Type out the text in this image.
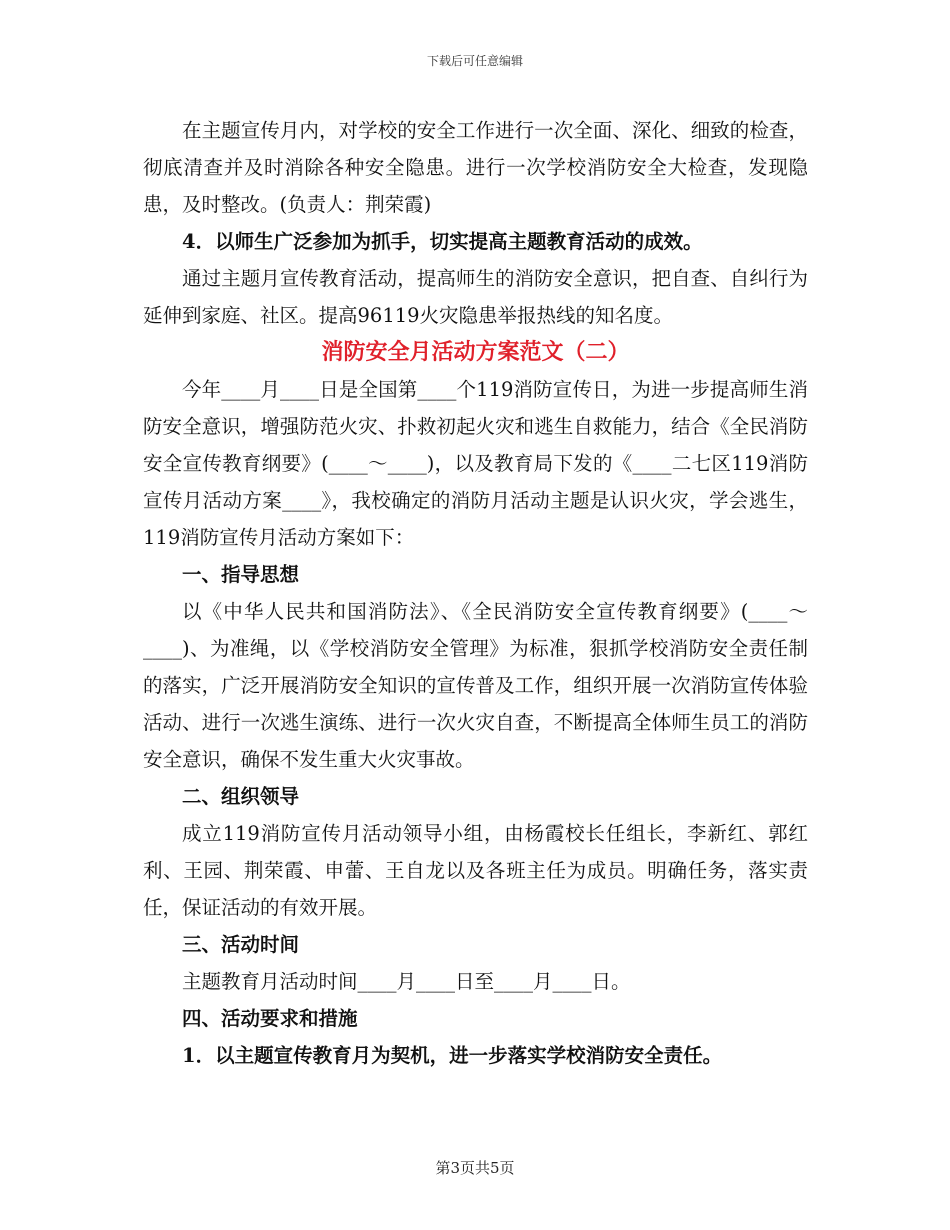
下载后可任意编辑

在主题宣传月内，对学校的安全工作进行一次全面、深化、细致的检查，彻底清查并及时消除各种安全隐患。进行一次学校消防安全大检查，发现隐患，及时整改。(负责人：荆荣霞)

4．以师生广泛参加为抓手，切实提高主题教育活动的成效。

通过主题月宣传教育活动，提高师生的消防安全意识，把自查、自纠行为延伸到家庭、社区。提高96119火灾隐患举报热线的知名度。

消防安全月活动方案范文（二）

今年____月____日是全国第____个119消防宣传日，为进一步提高师生消防安全意识，增强防范火灾、扑救初起火灾和逃生自救能力，结合《全民消防安全宣传教育纲要》(____～____)，以及教育局下发的《____二七区119消防宣传月活动方案____》，我校确定的消防月活动主题是认识火灾，学会逃生，119消防宣传月活动方案如下：

一、指导思想

以《中华人民共和国消防法》、《全民消防安全宣传教育纲要》(____～____)、为准绳，以《学校消防安全管理》为标准，狠抓学校消防安全责任制的落实，广泛开展消防安全知识的宣传普及工作，组织开展一次消防宣传体验活动、进行一次逃生演练、进行一次火灾自查，不断提高全体师生员工的消防安全意识，确保不发生重大火灾事故。

二、组织领导

成立119消防宣传月活动领导小组，由杨霞校长任组长，李新红、郭红利、王园、荆荣霞、申蕾、王自龙以及各班主任为成员。明确任务，落实责任，保证活动的有效开展。

三、活动时间

主题教育月活动时间____月____日至____月____日。

四、活动要求和措施

1．以主题宣传教育月为契机，进一步落实学校消防安全责任。

第3页共5页
